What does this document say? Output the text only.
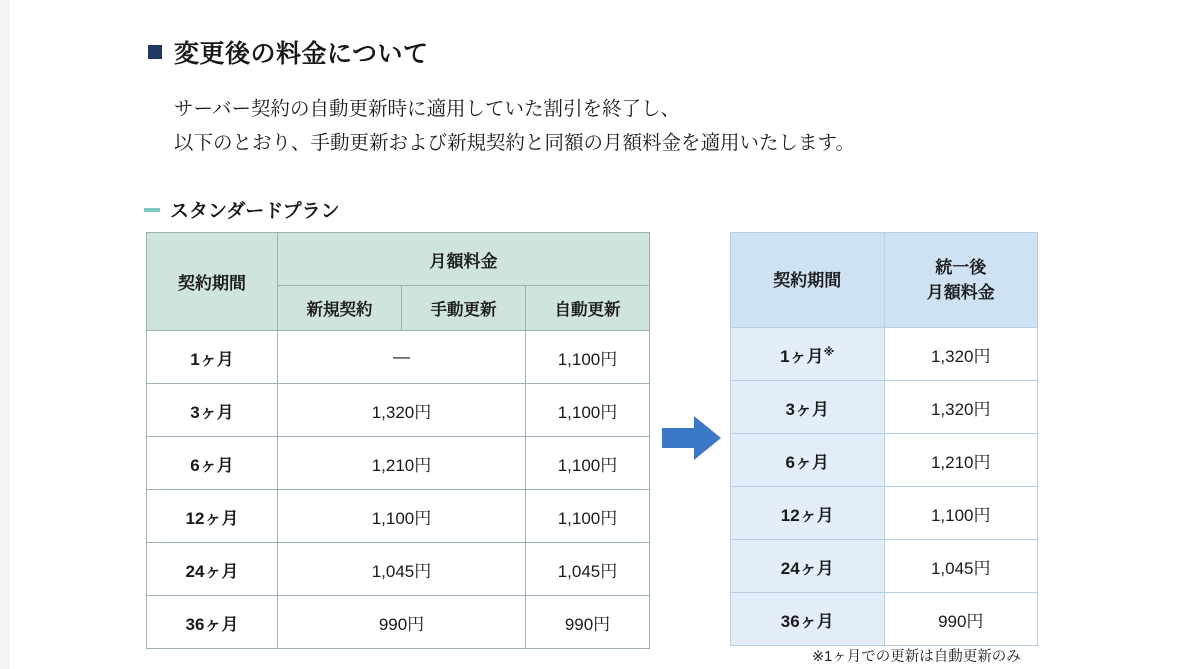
変更後の料金について
サーバー契約の自動更新時に適用していた割引を終了し、
以下のとおり、手動更新および新規契約と同額の月額料金を適用いたします。
スタンダードプラン
契約期間	月額料金		
	新規契約	手動更新	自動更新
1ヶ月	—		1,100円
3ヶ月	1,320円		1,100円
6ヶ月	1,210円		1,100円
12ヶ月	1,100円		1,100円
24ヶ月	1,045円		1,045円
36ヶ月	990円		990円
契約期間	統一後
月額料金

1ヶ月※	1,320円
3ヶ月	1,320円
6ヶ月	1,210円
12ヶ月	1,100円
24ヶ月	1,045円
36ヶ月	990円
※1ヶ月での更新は自動更新のみ
